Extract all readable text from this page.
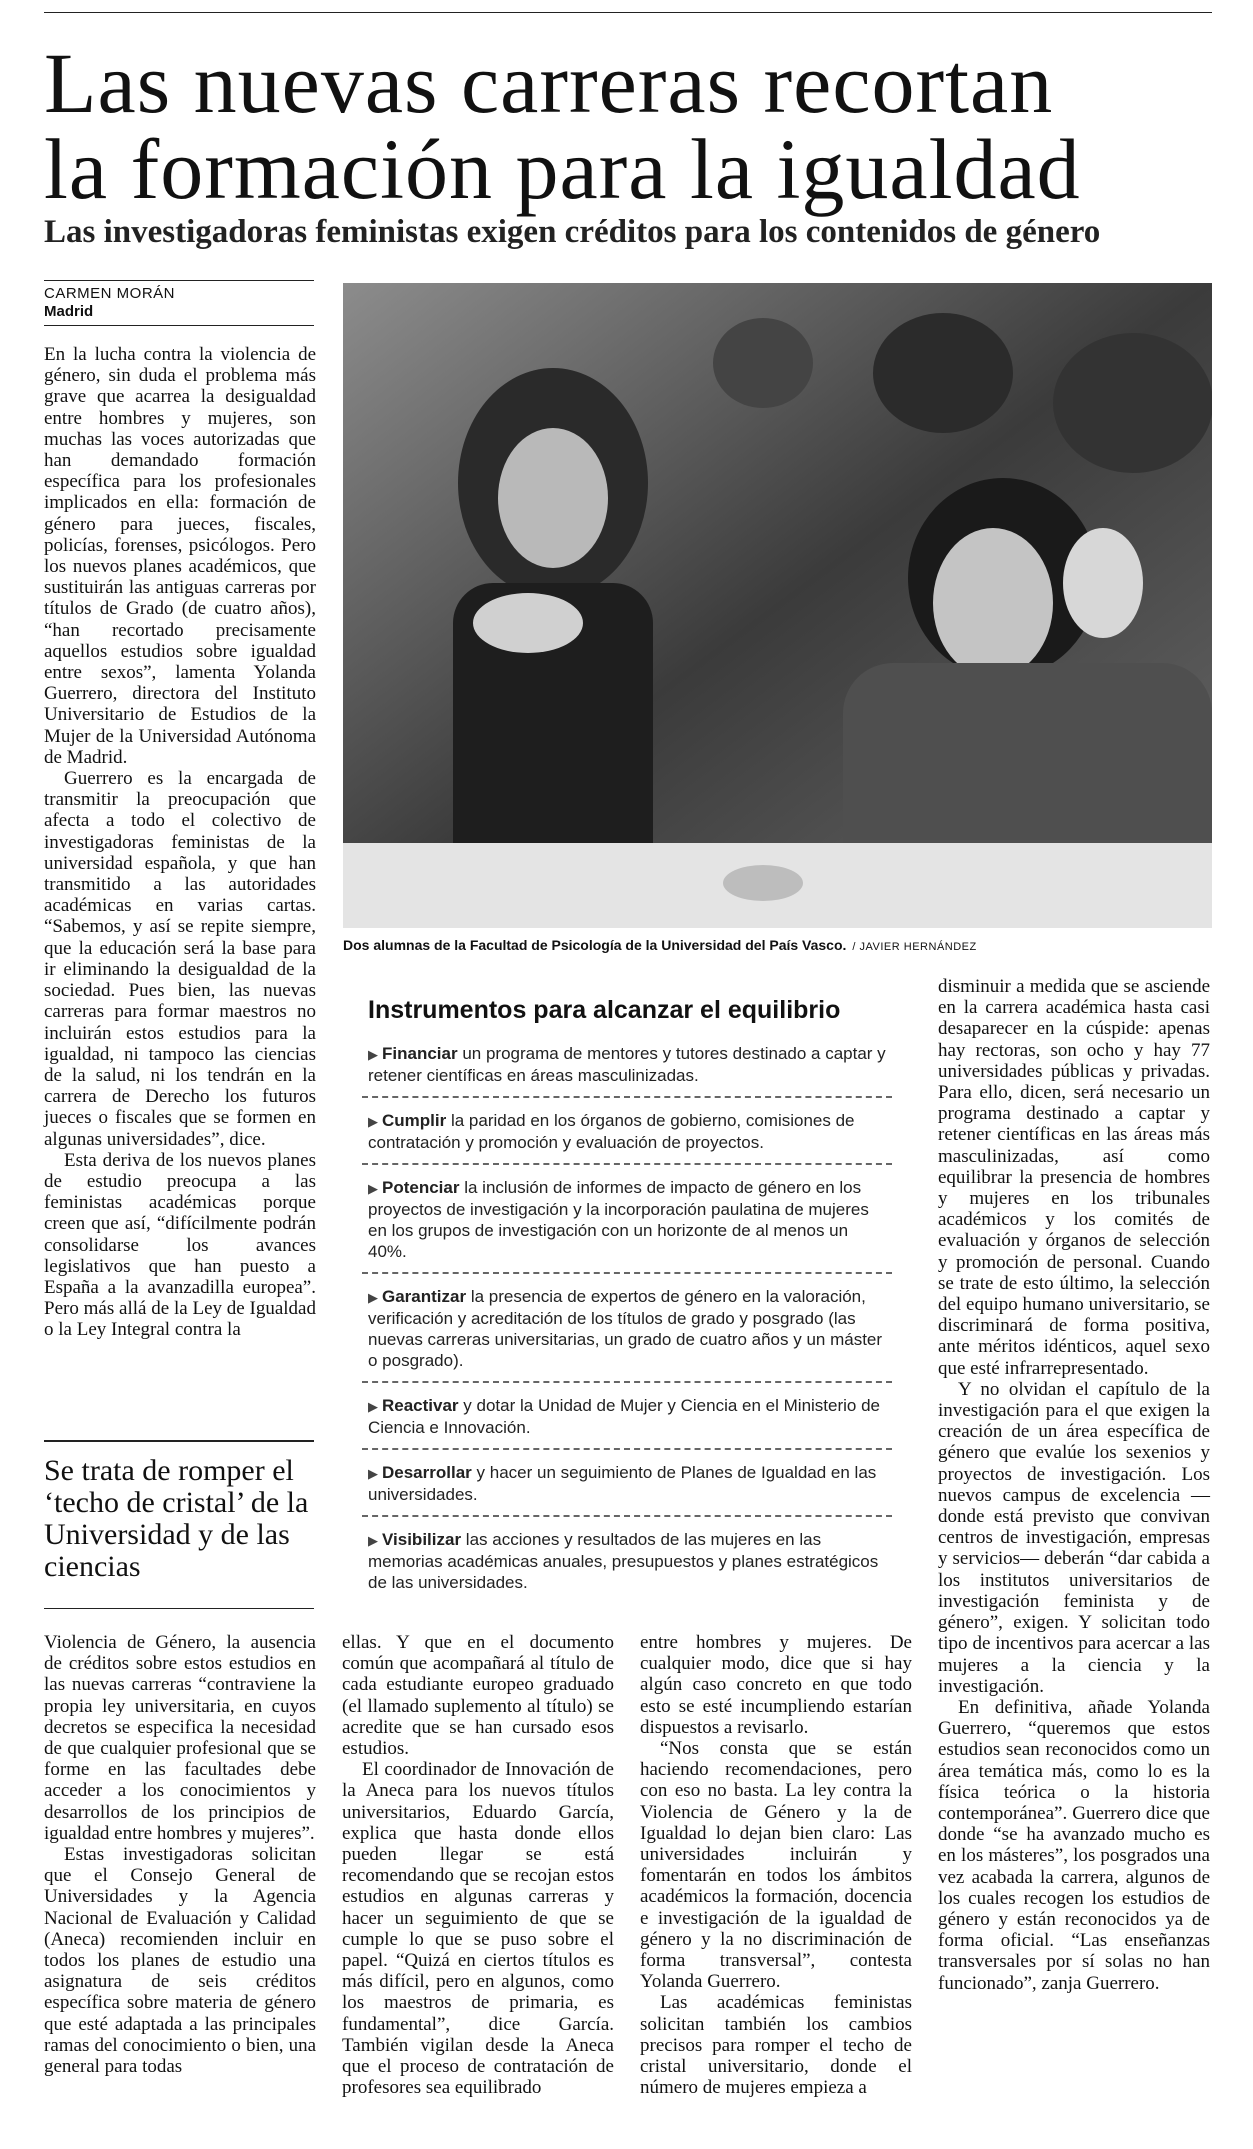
Las nuevas carreras recortan
la formación para la igualdad
Las investigadoras feministas exigen créditos para los contenidos de género
CARMEN MORÁN
Madrid

En la lucha contra la violencia de género, sin duda el problema más grave que acarrea la desigualdad entre hombres y mujeres, son muchas las voces autorizadas que han demandado formación específica para los profesionales implicados en ella: formación de género para jueces, fiscales, policías, forenses, psicólogos. Pero los nuevos planes académicos, que sustituirán las antiguas carreras por títulos de Grado (de cuatro años), “han recortado precisamente aquellos estudios sobre igualdad entre sexos”, lamenta Yolanda Guerrero, directora del Instituto Universitario de Estudios de la Mujer de la Universidad Autónoma de Madrid.

Guerrero es la encargada de transmitir la preocupación que afecta a todo el colectivo de investigadoras feministas de la universidad española, y que han transmitido a las autoridades académicas en varias cartas. “Sabemos, y así se repite siempre, que la educación será la base para ir eliminando la desigualdad de la sociedad. Pues bien, las nuevas carreras para formar maestros no incluirán estos estudios para la igualdad, ni tampoco las ciencias de la salud, ni los tendrán en la carrera de Derecho los futuros jueces o fiscales que se formen en algunas universidades”, dice.

Esta deriva de los nuevos planes de estudio preocupa a las feministas académicas porque creen que así, “difícilmente podrán consolidarse los avances legislativos que han puesto a España a la avanzadilla europea”. Pero más allá de la Ley de Igualdad o la Ley Integral contra la

Dos alumnas de la Facultad de Psicología de la Universidad del País Vasco. / JAVIER HERNÁNDEZ
Se trata de romper el ‘techo de cristal’ de la Universidad y de las ciencias
Instrumentos para alcanzar el equilibrio
▶ Financiar un programa de mentores y tutores destinado a captar y retener científicas en áreas masculinizadas.
▶ Cumplir la paridad en los órganos de gobierno, comisiones de contratación y promoción y evaluación de proyectos.
▶ Potenciar la inclusión de informes de impacto de género en los proyectos de investigación y la incorporación paulatina de mujeres en los grupos de investigación con un horizonte de al menos un 40%.
▶ Garantizar la presencia de expertos de género en la valoración, verificación y acreditación de los títulos de grado y posgrado (las nuevas carreras universitarias, un grado de cuatro años y un máster o posgrado).
▶ Reactivar y dotar la Unidad de Mujer y Ciencia en el Ministerio de Ciencia e Innovación.
▶ Desarrollar y hacer un seguimiento de Planes de Igualdad en las universidades.
▶ Visibilizar las acciones y resultados de las mujeres en las memorias académicas anuales, presupuestos y planes estratégicos de las universidades.

disminuir a medida que se asciende en la carrera académica hasta casi desaparecer en la cúspide: apenas hay rectoras, son ocho y hay 77 universidades públicas y privadas. Para ello, dicen, será necesario un programa destinado a captar y retener científicas en las áreas más masculinizadas, así como equilibrar la presencia de hombres y mujeres en los tribunales académicos y los comités de evaluación y órganos de selección y promoción de personal. Cuando se trate de esto último, la selección del equipo humano universitario, se discriminará de forma positiva, ante méritos idénticos, aquel sexo que esté infrarrepresentado.

Y no olvidan el capítulo de la investigación para el que exigen la creación de un área específica de género que evalúe los sexenios y proyectos de investigación. Los nuevos campus de excelencia —donde está previsto que convivan centros de investigación, empresas y servicios— deberán “dar cabida a los institutos universitarios de investigación feminista y de género”, exigen. Y solicitan todo tipo de incentivos para acercar a las mujeres a la ciencia y la investigación.

En definitiva, añade Yolanda Guerrero, “queremos que estos estudios sean reconocidos como un área temática más, como lo es la física teórica o la historia contemporánea”. Guerrero dice que donde “se ha avanzado mucho es en los másteres”, los posgrados una vez acabada la carrera, algunos de los cuales recogen los estudios de género y están reconocidos ya de forma oficial. “Las enseñanzas transversales por sí solas no han funcionado”, zanja Guerrero.

Violencia de Género, la ausencia de créditos sobre estos estudios en las nuevas carreras “contraviene la propia ley universitaria, en cuyos decretos se especifica la necesidad de que cualquier profesional que se forme en las facultades debe acceder a los conocimientos y desarrollos de los principios de igualdad entre hombres y mujeres”.

Estas investigadoras solicitan que el Consejo General de Universidades y la Agencia Nacional de Evaluación y Calidad (Aneca) recomienden incluir en todos los planes de estudio una asignatura de seis créditos específica sobre materia de género que esté adaptada a las principales ramas del conocimiento o bien, una general para todas

ellas. Y que en el documento común que acompañará al título de cada estudiante europeo graduado (el llamado suplemento al título) se acredite que se han cursado esos estudios.

El coordinador de Innovación de la Aneca para los nuevos títulos universitarios, Eduardo García, explica que hasta donde ellos pueden llegar se está recomendando que se recojan estos estudios en algunas carreras y hacer un seguimiento de que se cumple lo que se puso sobre el papel. “Quizá en ciertos títulos es más difícil, pero en algunos, como los maestros de primaria, es fundamental”, dice García. También vigilan desde la Aneca que el proceso de contratación de profesores sea equilibrado

entre hombres y mujeres. De cualquier modo, dice que si hay algún caso concreto en que todo esto se esté incumpliendo estarían dispuestos a revisarlo.

“Nos consta que se están haciendo recomendaciones, pero con eso no basta. La ley contra la Violencia de Género y la de Igualdad lo dejan bien claro: Las universidades incluirán y fomentarán en todos los ámbitos académicos la formación, docencia e investigación de la igualdad de género y la no discriminación de forma transversal”, contesta Yolanda Guerrero.

Las académicas feministas solicitan también los cambios precisos para romper el techo de cristal universitario, donde el número de mujeres empieza a
